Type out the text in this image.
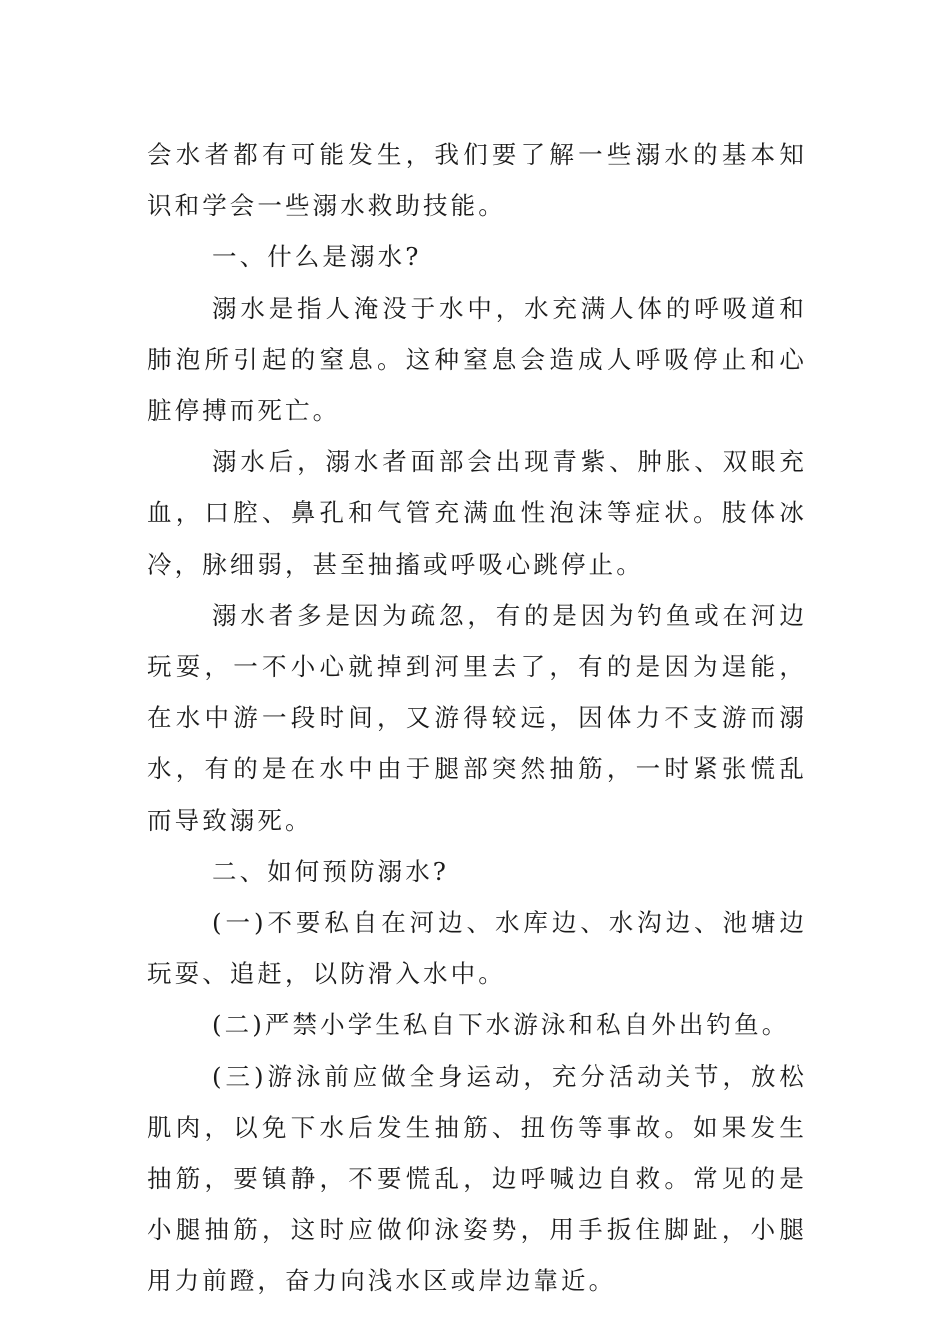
会水者都有可能发生，我们要了解一些溺水的基本知识和学会一些溺水救助技能。

一、什么是溺水?

溺水是指人淹没于水中，水充满人体的呼吸道和肺泡所引起的窒息。这种窒息会造成人呼吸停止和心脏停搏而死亡。

溺水后，溺水者面部会出现青紫、肿胀、双眼充血，口腔、鼻孔和气管充满血性泡沫等症状。肢体冰冷，脉细弱，甚至抽搐或呼吸心跳停止。

溺水者多是因为疏忽，有的是因为钓鱼或在河边玩耍，一不小心就掉到河里去了，有的是因为逞能，在水中游一段时间，又游得较远，因体力不支游而溺水，有的是在水中由于腿部突然抽筋，一时紧张慌乱而导致溺死。

二、如何预防溺水?

(一)不要私自在河边、水库边、水沟边、池塘边玩耍、追赶，以防滑入水中。

(二)严禁小学生私自下水游泳和私自外出钓鱼。

(三)游泳前应做全身运动，充分活动关节，放松肌肉，以免下水后发生抽筋、扭伤等事故。如果发生抽筋，要镇静，不要慌乱，边呼喊边自救。常见的是小腿抽筋，这时应做仰泳姿势，用手扳住脚趾，小腿用力前蹬，奋力向浅水区或岸边靠近。
